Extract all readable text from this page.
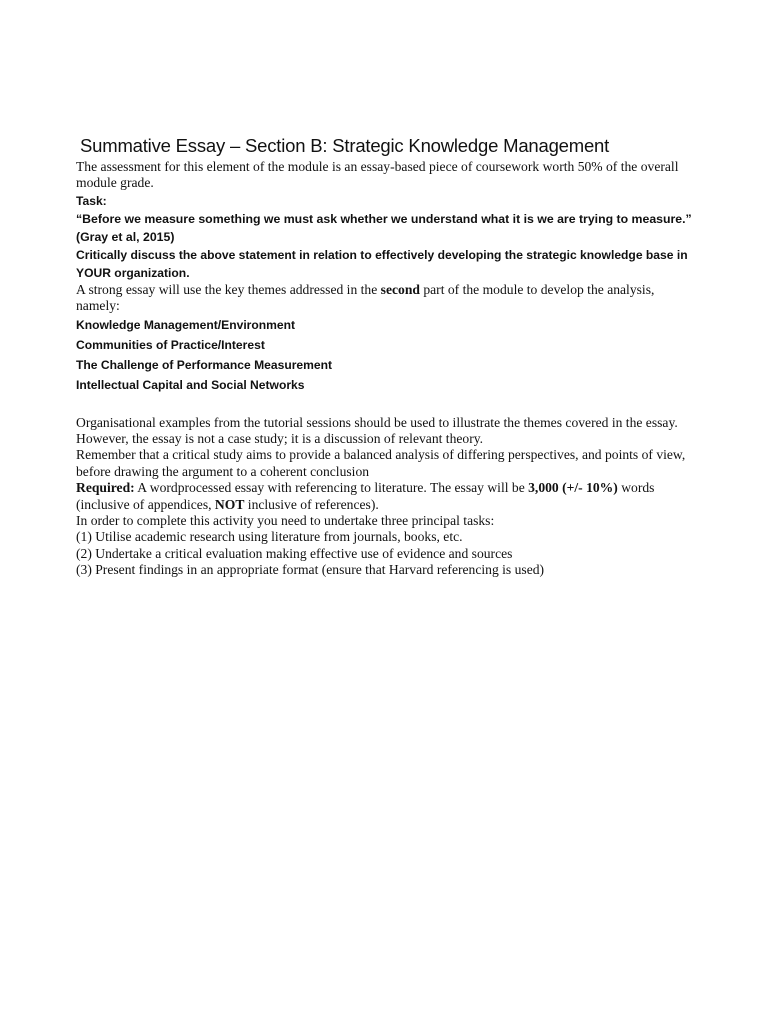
Summative Essay – Section B: Strategic Knowledge Management

The assessment for this element of the module is an essay-based piece of coursework worth 50% of the overall module grade.

Task:

“Before we measure something we must ask whether we understand what it is we are trying to measure.” (Gray et al, 2015)

Critically discuss the above statement in relation to effectively developing the strategic knowledge base in YOUR organization.

A strong essay will use the key themes addressed in the second part of the module to develop the analysis, namely:

Knowledge Management/Environment

Communities of Practice/Interest

The Challenge of Performance Measurement

Intellectual Capital and Social Networks

Organisational examples from the tutorial sessions should be used to illustrate the themes covered in the essay. However, the essay is not a case study; it is a discussion of relevant theory.

Remember that a critical study aims to provide a balanced analysis of differing perspectives, and points of view, before drawing the argument to a coherent conclusion

Required: A wordprocessed essay with referencing to literature. The essay will be 3,000 (+/- 10%) words (inclusive of appendices, NOT inclusive of references).

In order to complete this activity you need to undertake three principal tasks:

(1) Utilise academic research using literature from journals, books, etc.

(2) Undertake a critical evaluation making effective use of evidence and sources

(3) Present findings in an appropriate format (ensure that Harvard referencing is used)
